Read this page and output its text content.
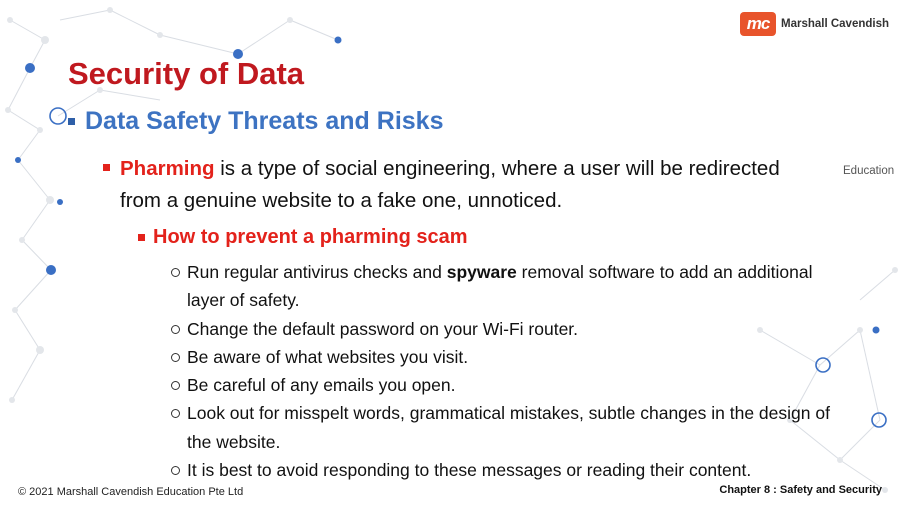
mc	Marshall Cavendish
Education
Security of Data
Data Safety Threats and Risks
Pharming is a type of social engineering, where a user will be redirected from a genuine website to a fake one, unnoticed.
How to prevent a pharming scam
Run regular antivirus checks and spyware removal software to add an additional layer of safety.
Change the default password on your Wi-Fi router.
Be aware of what websites you visit.
Be careful of any emails you open.
Look out for misspelt words, grammatical mistakes, subtle changes in the design of the website.
It is best to avoid responding to these messages or reading their content.
© 2021 Marshall Cavendish Education Pte Ltd	Chapter 8 : Safety and Security
